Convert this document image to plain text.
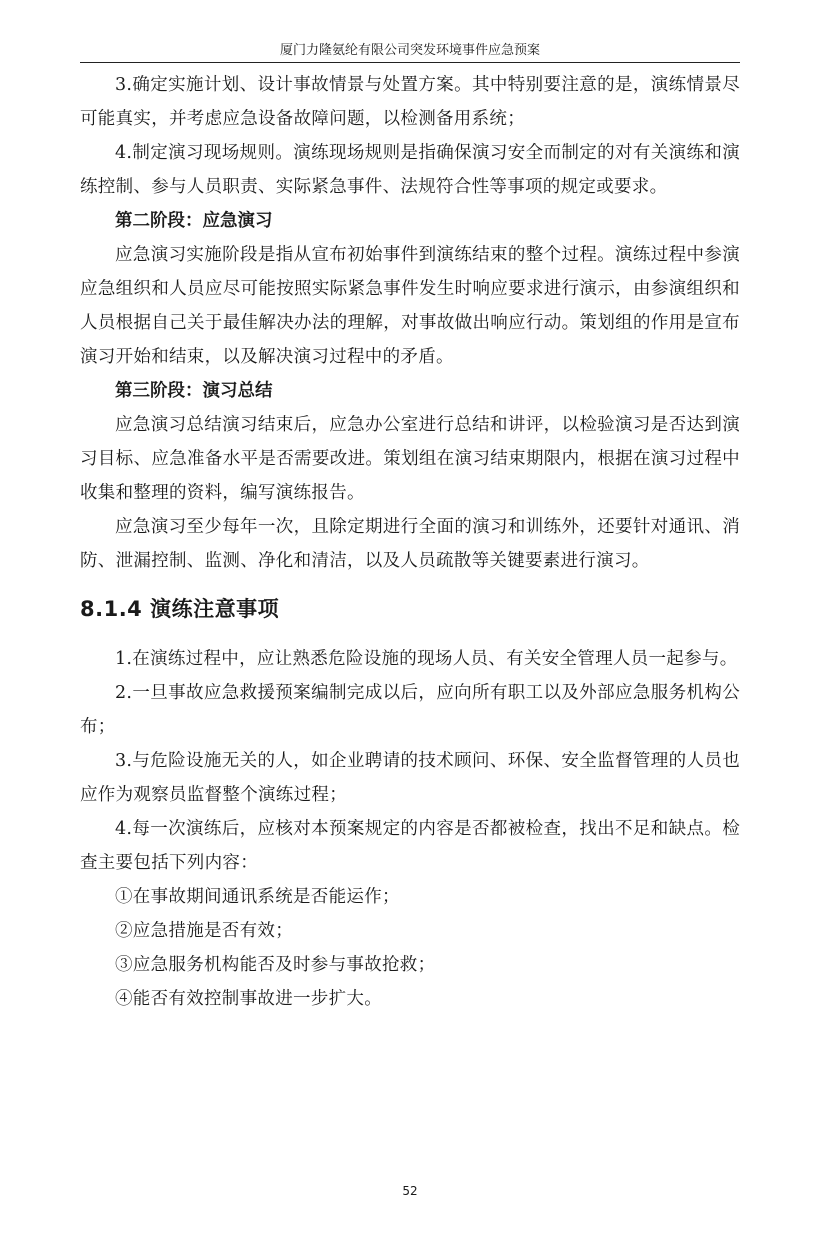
厦门力隆氨纶有限公司突发环境事件应急预案

3.确定实施计划、设计事故情景与处置方案。其中特别要注意的是，演练情景尽可能真实，并考虑应急设备故障问题，以检测备用系统；

4.制定演习现场规则。演练现场规则是指确保演习安全而制定的对有关演练和演练控制、参与人员职责、实际紧急事件、法规符合性等事项的规定或要求。

第二阶段：应急演习

应急演习实施阶段是指从宣布初始事件到演练结束的整个过程。演练过程中参演应急组织和人员应尽可能按照实际紧急事件发生时响应要求进行演示，由参演组织和人员根据自己关于最佳解决办法的理解，对事故做出响应行动。策划组的作用是宣布演习开始和结束，以及解决演习过程中的矛盾。

第三阶段：演习总结

应急演习总结演习结束后，应急办公室进行总结和讲评，以检验演习是否达到演习目标、应急准备水平是否需要改进。策划组在演习结束期限内，根据在演习过程中收集和整理的资料，编写演练报告。

应急演习至少每年一次，且除定期进行全面的演习和训练外，还要针对通讯、消防、泄漏控制、监测、净化和清洁，以及人员疏散等关键要素进行演习。

8.1.4 演练注意事项

1.在演练过程中，应让熟悉危险设施的现场人员、有关安全管理人员一起参与。

2.一旦事故应急救援预案编制完成以后，应向所有职工以及外部应急服务机构公布；

3.与危险设施无关的人，如企业聘请的技术顾问、环保、安全监督管理的人员也应作为观察员监督整个演练过程；

4.每一次演练后，应核对本预案规定的内容是否都被检查，找出不足和缺点。检查主要包括下列内容：

①在事故期间通讯系统是否能运作；

②应急措施是否有效；

③应急服务机构能否及时参与事故抢救；

④能否有效控制事故进一步扩大。

52
